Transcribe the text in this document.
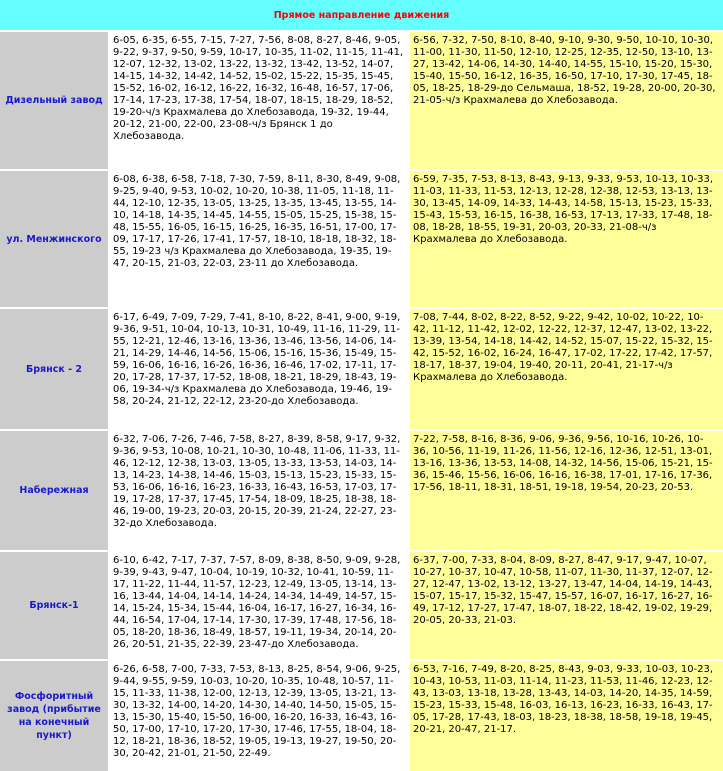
Прямое направление движения
Дизельный завод
6-05, 6-35, 6-55, 7-15, 7-27, 7-56, 8-08, 8-27, 8-46, 9-05,
9-22, 9-37, 9-50, 9-59, 10-17, 10-35, 11-02, 11-15, 11-41,
12-07, 12-32, 13-02, 13-22, 13-32, 13-42, 13-52, 14-07,
14-15, 14-32, 14-42, 14-52, 15-02, 15-22, 15-35, 15-45,
15-52, 16-02, 16-12, 16-22, 16-32, 16-48, 16-57, 17-06,
17-14, 17-23, 17-38, 17-54, 18-07, 18-15, 18-29, 18-52,
19-20-ч/з Крахмалева до Хлебозавода, 19-32, 19-44,
20-12, 21-00, 22-00, 23-08-ч/з Брянск 1 до
Хлебозавода.
6-56, 7-32, 7-50, 8-10, 8-40, 9-10, 9-30, 9-50, 10-10, 10-30,
11-00, 11-30, 11-50, 12-10, 12-25, 12-35, 12-50, 13-10, 13-
27, 13-42, 14-06, 14-30, 14-40, 14-55, 15-10, 15-20, 15-30,
15-40, 15-50, 16-12, 16-35, 16-50, 17-10, 17-30, 17-45, 18-
05, 18-25, 18-29-до Сельмаша, 18-52, 19-28, 20-00, 20-30,
21-05-ч/з Крахмалева до Хлебозавода.
ул. Менжинского
6-08, 6-38, 6-58, 7-18, 7-30, 7-59, 8-11, 8-30, 8-49, 9-08,
9-25, 9-40, 9-53, 10-02, 10-20, 10-38, 11-05, 11-18, 11-
44, 12-10, 12-35, 13-05, 13-25, 13-35, 13-45, 13-55, 14-
10, 14-18, 14-35, 14-45, 14-55, 15-05, 15-25, 15-38, 15-
48, 15-55, 16-05, 16-15, 16-25, 16-35, 16-51, 17-00, 17-
09, 17-17, 17-26, 17-41, 17-57, 18-10, 18-18, 18-32, 18-
55, 19-23 ч/з Крахмалева до Хлебозавода, 19-35, 19-
47, 20-15, 21-03, 22-03, 23-11 до Хлебозавода.
6-59, 7-35, 7-53, 8-13, 8-43, 9-13, 9-33, 9-53, 10-13, 10-33,
11-03, 11-33, 11-53, 12-13, 12-28, 12-38, 12-53, 13-13, 13-
30, 13-45, 14-09, 14-33, 14-43, 14-58, 15-13, 15-23, 15-33,
15-43, 15-53, 16-15, 16-38, 16-53, 17-13, 17-33, 17-48, 18-
08, 18-28, 18-55, 19-31, 20-03, 20-33, 21-08-ч/з
Крахмалева до Хлебозавода.
Брянск - 2
6-17, 6-49, 7-09, 7-29, 7-41, 8-10, 8-22, 8-41, 9-00, 9-19,
9-36, 9-51, 10-04, 10-13, 10-31, 10-49, 11-16, 11-29, 11-
55, 12-21, 12-46, 13-16, 13-36, 13-46, 13-56, 14-06, 14-
21, 14-29, 14-46, 14-56, 15-06, 15-16, 15-36, 15-49, 15-
59, 16-06, 16-16, 16-26, 16-36, 16-46, 17-02, 17-11, 17-
20, 17-28, 17-37, 17-52, 18-08, 18-21, 18-29, 18-43, 19-
06, 19-34-ч/з Крахмалева до Хлебозавода, 19-46, 19-
58, 20-24, 21-12, 22-12, 23-20-до Хлебозавода.
7-08, 7-44, 8-02, 8-22, 8-52, 9-22, 9-42, 10-02, 10-22, 10-
42, 11-12, 11-42, 12-02, 12-22, 12-37, 12-47, 13-02, 13-22,
13-39, 13-54, 14-18, 14-42, 14-52, 15-07, 15-22, 15-32, 15-
42, 15-52, 16-02, 16-24, 16-47, 17-02, 17-22, 17-42, 17-57,
18-17, 18-37, 19-04, 19-40, 20-11, 20-41, 21-17-ч/з
Крахмалева до Хлебозавода.
Набережная
6-32, 7-06, 7-26, 7-46, 7-58, 8-27, 8-39, 8-58, 9-17, 9-32,
9-36, 9-53, 10-08, 10-21, 10-30, 10-48, 11-06, 11-33, 11-
46, 12-12, 12-38, 13-03, 13-05, 13-33, 13-53, 14-03, 14-
13, 14-23, 14-38, 14-46, 15-03, 15-13, 15-23, 15-33, 15-
53, 16-06, 16-16, 16-23, 16-33, 16-43, 16-53, 17-03, 17-
19, 17-28, 17-37, 17-45, 17-54, 18-09, 18-25, 18-38, 18-
46, 19-00, 19-23, 20-03, 20-15, 20-39, 21-24, 22-27, 23-
32-до Хлебозавода.
7-22, 7-58, 8-16, 8-36, 9-06, 9-36, 9-56, 10-16, 10-26, 10-
36, 10-56, 11-19, 11-26, 11-56, 12-16, 12-36, 12-51, 13-01,
13-16, 13-36, 13-53, 14-08, 14-32, 14-56, 15-06, 15-21, 15-
36, 15-46, 15-56, 16-06, 16-16, 16-38, 17-01, 17-16, 17-36,
17-56, 18-11, 18-31, 18-51, 19-18, 19-54, 20-23, 20-53.
Брянск-1
6-10, 6-42, 7-17, 7-37, 7-57, 8-09, 8-38, 8-50, 9-09, 9-28,
9-39, 9-43, 9-47, 10-04, 10-19, 10-32, 10-41, 10-59, 11-
17, 11-22, 11-44, 11-57, 12-23, 12-49, 13-05, 13-14, 13-
16, 13-44, 14-04, 14-14, 14-24, 14-34, 14-49, 14-57, 15-
14, 15-24, 15-34, 15-44, 16-04, 16-17, 16-27, 16-34, 16-
44, 16-54, 17-04, 17-14, 17-30, 17-39, 17-48, 17-56, 18-
05, 18-20, 18-36, 18-49, 18-57, 19-11, 19-34, 20-14, 20-
26, 20-51, 21-35, 22-39, 23-47-до Хлебозавода.
6-37, 7-00, 7-33, 8-04, 8-09, 8-27, 8-47, 9-17, 9-47, 10-07,
10-27, 10-37, 10-47, 10-58, 11-07, 11-30, 11-37, 12-07, 12-
27, 12-47, 13-02, 13-12, 13-27, 13-47, 14-04, 14-19, 14-43,
15-07, 15-17, 15-32, 15-47, 15-57, 16-07, 16-17, 16-27, 16-
49, 17-12, 17-27, 17-47, 18-07, 18-22, 18-42, 19-02, 19-29,
20-05, 20-33, 21-03.
Фосфоритный завод (прибытие на конечный пункт)
6-26, 6-58, 7-00, 7-33, 7-53, 8-13, 8-25, 8-54, 9-06, 9-25,
9-44, 9-55, 9-59, 10-03, 10-20, 10-35, 10-48, 10-57, 11-
15, 11-33, 11-38, 12-00, 12-13, 12-39, 13-05, 13-21, 13-
30, 13-32, 14-00, 14-20, 14-30, 14-40, 14-50, 15-05, 15-
13, 15-30, 15-40, 15-50, 16-00, 16-20, 16-33, 16-43, 16-
50, 17-00, 17-10, 17-20, 17-30, 17-46, 17-55, 18-04, 18-
12, 18-21, 18-36, 18-52, 19-05, 19-13, 19-27, 19-50, 20-
30, 20-42, 21-01, 21-50, 22-49.
6-53, 7-16, 7-49, 8-20, 8-25, 8-43, 9-03, 9-33, 10-03, 10-23,
10-43, 10-53, 11-03, 11-14, 11-23, 11-53, 11-46, 12-23, 12-
43, 13-03, 13-18, 13-28, 13-43, 14-03, 14-20, 14-35, 14-59,
15-23, 15-33, 15-48, 16-03, 16-13, 16-23, 16-33, 16-43, 17-
05, 17-28, 17-43, 18-03, 18-23, 18-38, 18-58, 19-18, 19-45,
20-21, 20-47, 21-17.
